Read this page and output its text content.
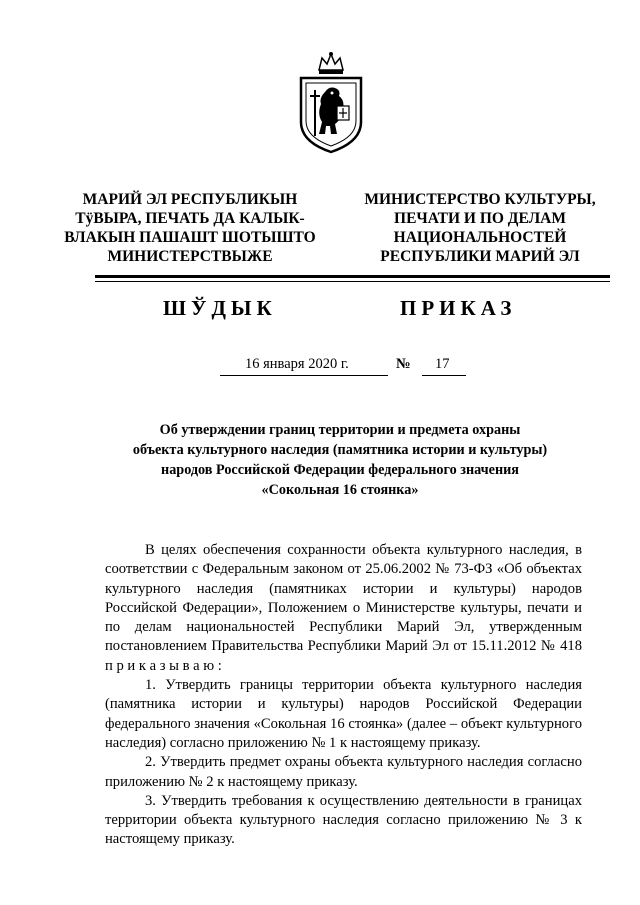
МАРИЙ ЭЛ РЕСПУБЛИКЫН
ТÿВЫРА, ПЕЧАТЬ ДА КАЛЫК-
ВЛАКЫН ПАШАШТ ШОТЫШТО
МИНИСТЕРСТВЫЖЕ
МИНИСТЕРСТВО КУЛЬТУРЫ,
ПЕЧАТИ И ПО ДЕЛАМ
НАЦИОНАЛЬНОСТЕЙ
РЕСПУБЛИКИ МАРИЙ ЭЛ
ШЎДЫК	ПРИКАЗ
16 января 2020 г.	№ 17
Об утверждении границ территории и предмета охраны
объекта культурного наследия (памятника истории и культуры)
народов Российской Федерации федерального значения
«Сокольная 16 стоянка»

В целях обеспечения сохранности объекта культурного наследия, в соответствии с Федеральным законом от 25.06.2002 № 73-ФЗ «Об объектах культурного наследия (памятниках истории и культуры) народов Российской Федерации», Положением о Министерстве культуры, печати и по делам национальностей Республики Марий Эл, утвержденным постановлением Правительства Республики Марий Эл от 15.11.2012 № 418 п р и к а з ы в а ю :

1. Утвердить границы территории объекта культурного наследия (памятника истории и культуры) народов Российской Федерации федерального значения «Сокольная 16 стоянка» (далее – объект культурного наследия) согласно приложению № 1 к настоящему приказу.

2. Утвердить предмет охраны объекта культурного наследия согласно приложению № 2 к настоящему приказу.

3. Утвердить требования к осуществлению деятельности в границах территории объекта культурного наследия согласно приложению № 3 к настоящему приказу.
